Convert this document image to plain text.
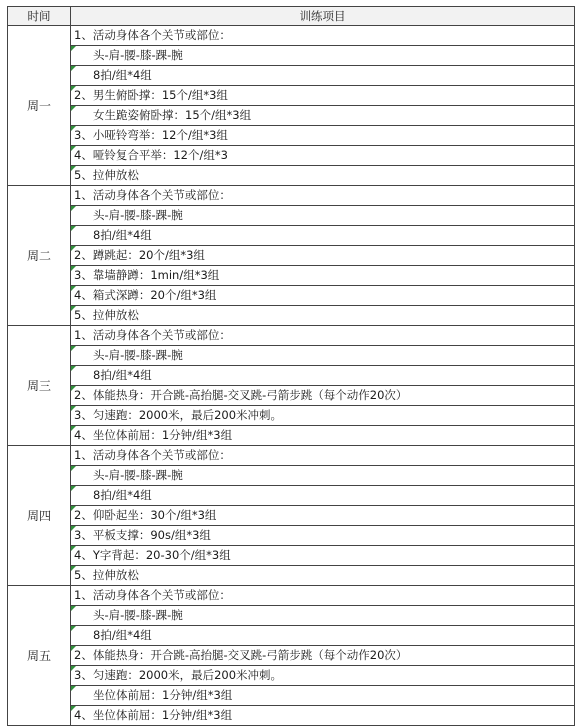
时间	训练项目
周一	1、活动身体各个关节或部位：
	头-肩-腰-膝-踝-腕
	8拍/组*4组
	2、男生俯卧撑：15个/组*3组
	女生跪姿俯卧撑：15个/组*3组
	3、小哑铃弯举：12个/组*3组
	4、哑铃复合平举：12个/组*3
	5、拉伸放松
周二	1、活动身体各个关节或部位：
	头-肩-腰-膝-踝-腕
	8拍/组*4组
	2、蹲跳起：20个/组*3组
	3、靠墙静蹲：1min/组*3组
	4、箱式深蹲：20个/组*3组
	5、拉伸放松
周三	1、活动身体各个关节或部位：
	头-肩-腰-膝-踝-腕
	8拍/组*4组
	2、体能热身：开合跳-高抬腿-交叉跳-弓箭步跳（每个动作20次）
	3、匀速跑：2000米，最后200米冲刺。
	4、坐位体前屈：1分钟/组*3组
周四	1、活动身体各个关节或部位：
	头-肩-腰-膝-踝-腕
	8拍/组*4组
	2、仰卧起坐：30个/组*3组
	3、平板支撑：90s/组*3组
	4、Y字背起：20-30个/组*3组
	5、拉伸放松
周五	1、活动身体各个关节或部位：
	头-肩-腰-膝-踝-腕
	8拍/组*4组
	2、体能热身：开合跳-高抬腿-交叉跳-弓箭步跳（每个动作20次）
	3、匀速跑：2000米，最后200米冲刺。
	坐位体前屈：1分钟/组*3组
	4、坐位体前屈：1分钟/组*3组
